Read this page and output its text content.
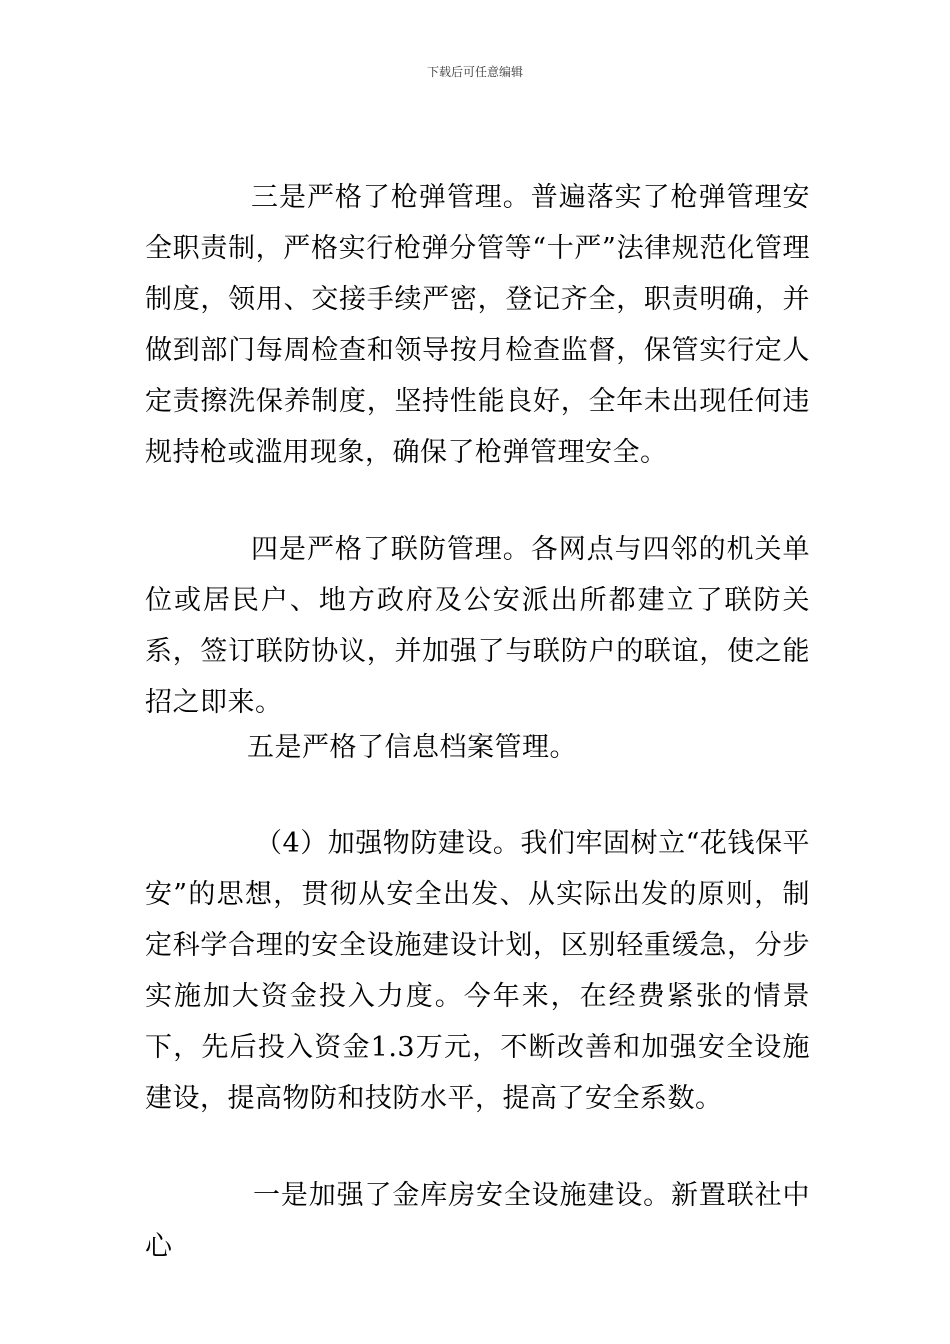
下载后可任意编辑

三是严格了枪弹管理。普遍落实了枪弹管理安全职责制，严格实行枪弹分管等“十严”法律规范化管理制度，领用、交接手续严密，登记齐全，职责明确，并做到部门每周检查和领导按月检查监督，保管实行定人定责擦洗保养制度，坚持性能良好，全年未出现任何违规持枪或滥用现象，确保了枪弹管理安全。

四是严格了联防管理。各网点与四邻的机关单位或居民户、地方政府及公安派出所都建立了联防关系，签订联防协议，并加强了与联防户的联谊，使之能招之即来。

五是严格了信息档案管理。

（4）加强物防建设。我们牢固树立“花钱保平安”的思想，贯彻从安全出发、从实际出发的原则，制定科学合理的安全设施建设计划，区别轻重缓急，分步实施加大资金投入力度。今年来，在经费紧张的情景下，先后投入资金1.3万元，不断改善和加强安全设施建设，提高物防和技防水平，提高了安全系数。

一是加强了金库房安全设施建设。新置联社中心
